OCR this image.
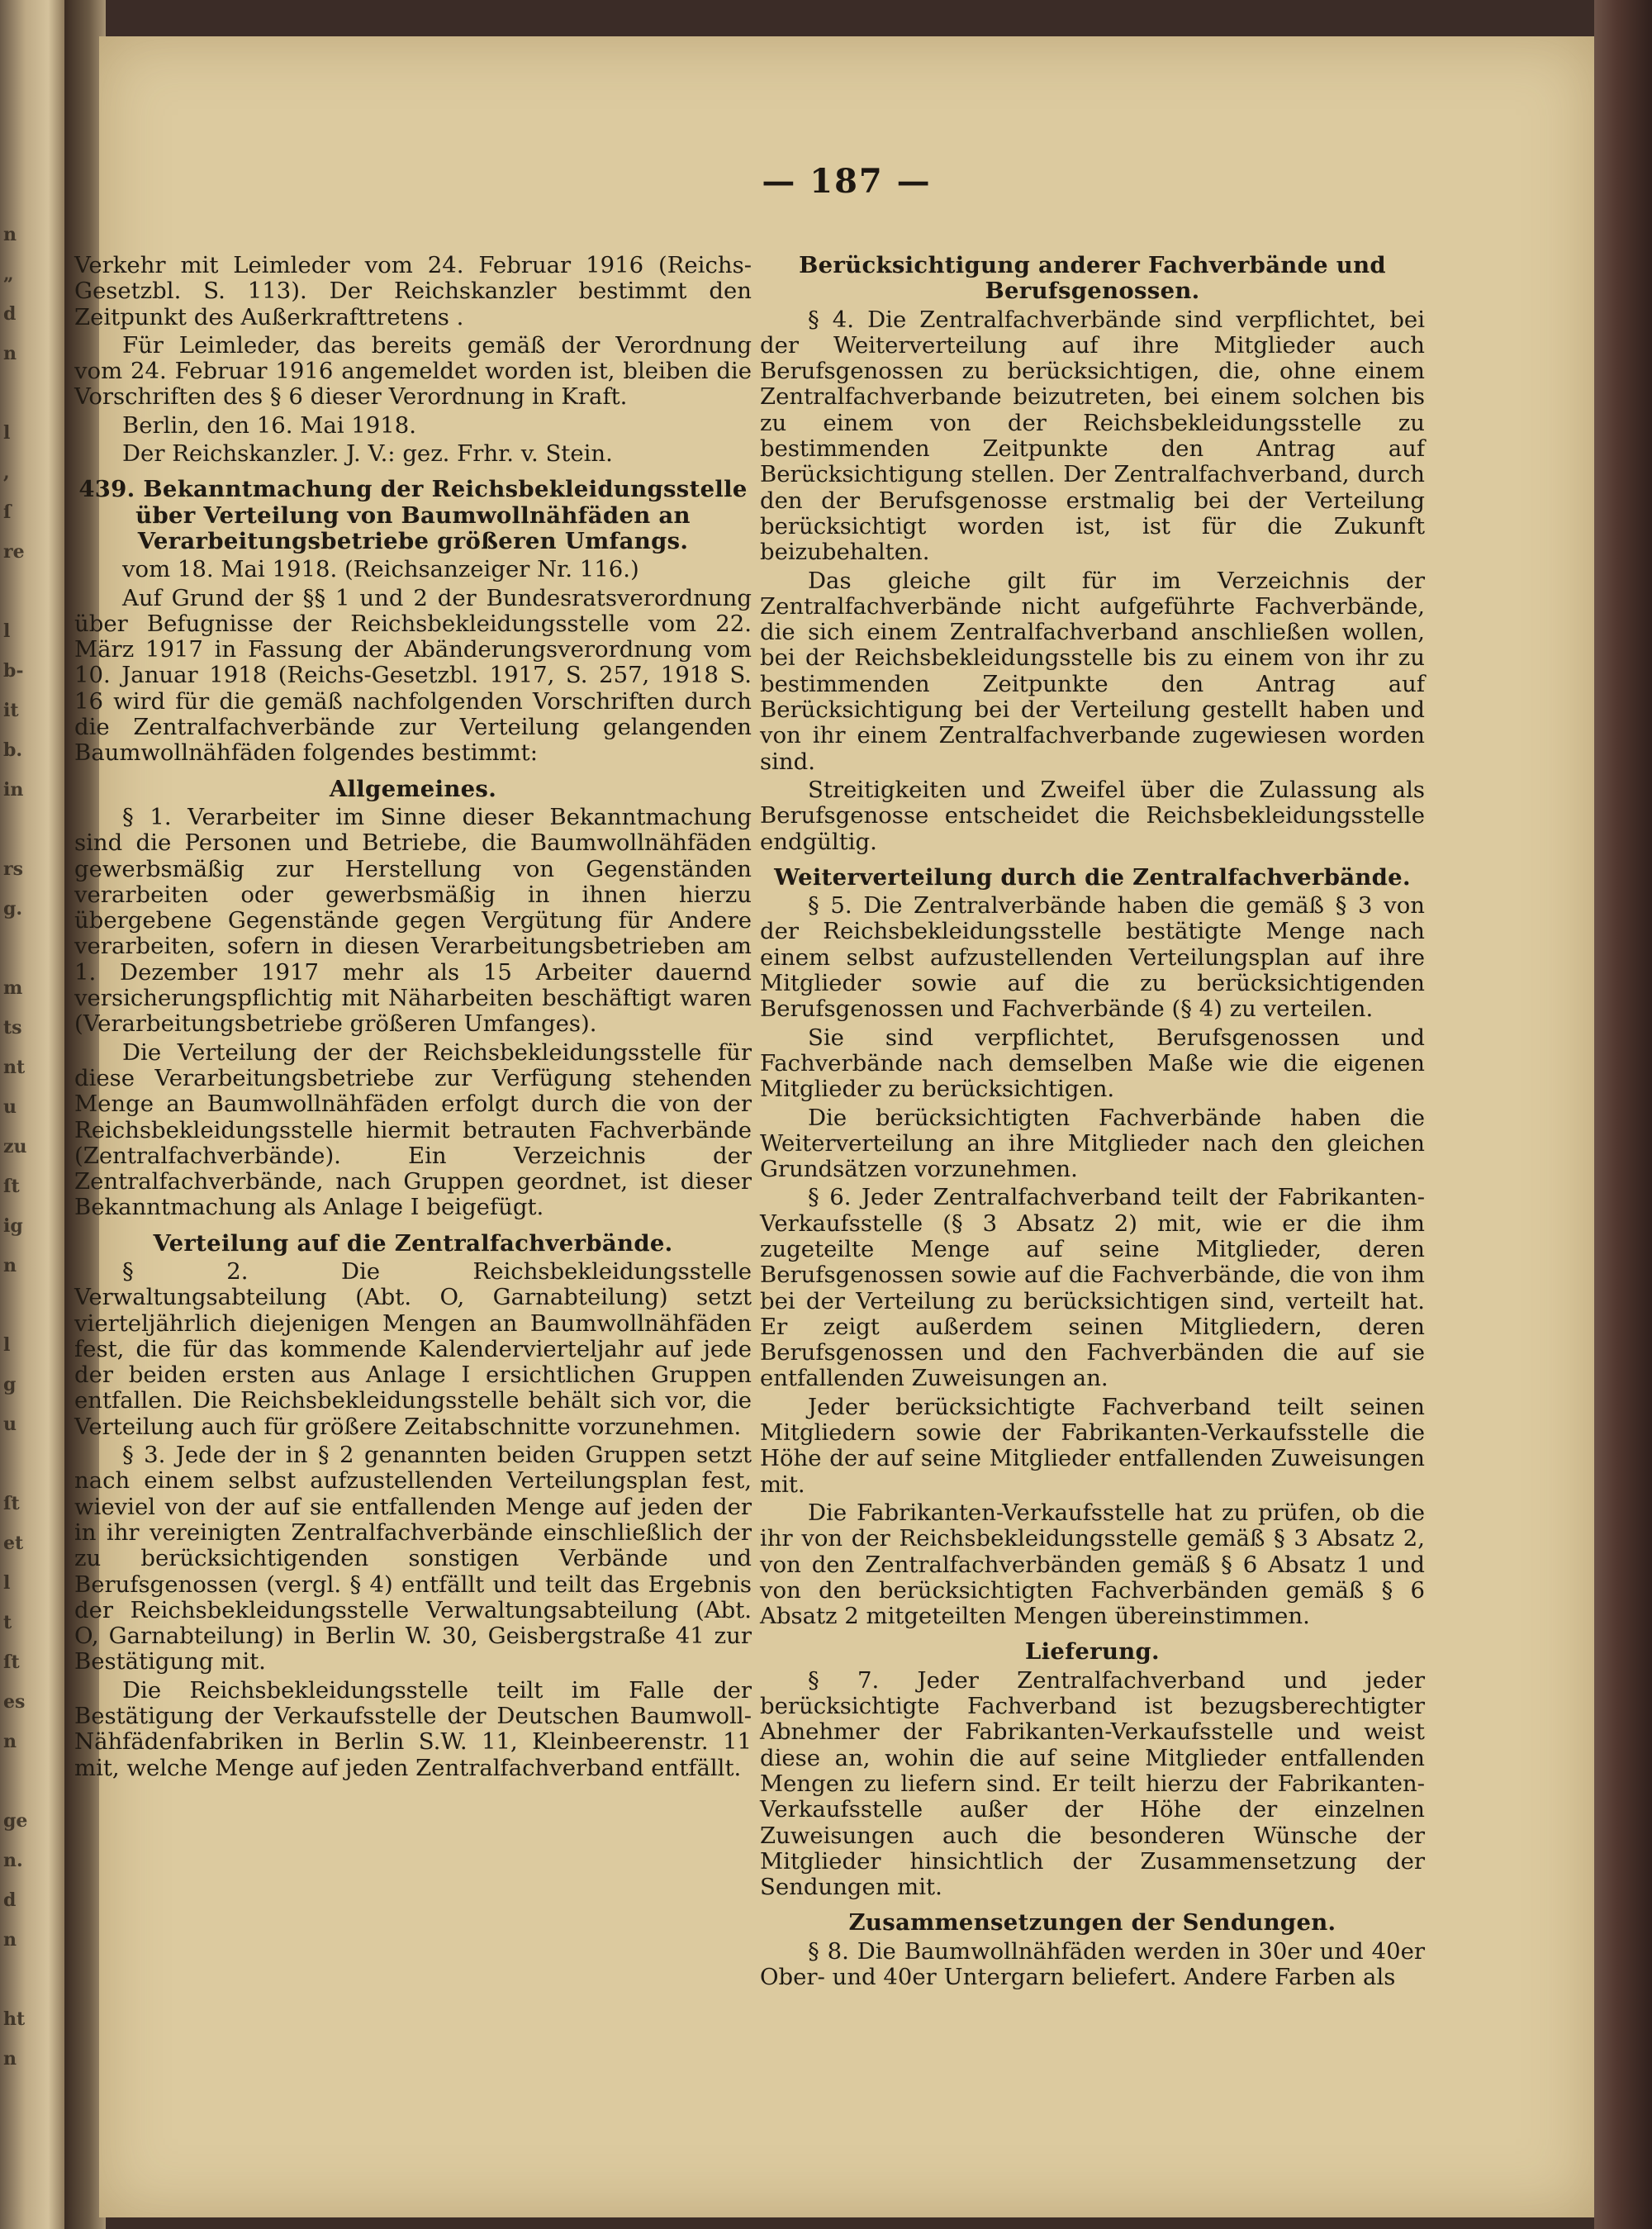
n
„
d
n

l
,
ſ
re

l
b-
it
b.
in

rs
g.

m
ts
nt
u
zu
ſt
ig
n

l
g
u

ſt
et
l
t
ſt
es
n

ge
n.
d
n

ht
n
— 187 —

Verkehr mit Leimleder vom 24. Februar 1916 (Reichs-Gesetzbl. S. 113). Der Reichskanzler bestimmt den Zeitpunkt des Außerkrafttretens .

Für Leimleder, das bereits gemäß der Verordnung vom 24. Februar 1916 angemeldet worden ist, bleiben die Vorschriften des § 6 dieser Verordnung in Kraft.

Berlin, den 16. Mai 1918.

Der Reichskanzler. J. V.: gez. Frhr. v. Stein.

439. Bekanntmachung der Reichsbekleidungsstelle über Verteilung von Baumwollnähfäden an Verarbeitungsbetriebe größeren Umfangs.

vom 18. Mai 1918. (Reichsanzeiger Nr. 116.)

Auf Grund der §§ 1 und 2 der Bundesratsverordnung über Befugnisse der Reichsbekleidungsstelle vom 22. März 1917 in Fassung der Abänderungsverordnung vom 10. Januar 1918 (Reichs-Gesetzbl. 1917, S. 257, 1918 S. 16 wird für die gemäß nachfolgenden Vorschriften durch die Zentralfachverbände zur Verteilung gelangenden Baumwollnähfäden folgendes bestimmt:

Allgemeines.

§ 1. Verarbeiter im Sinne dieser Bekanntmachung sind die Personen und Betriebe, die Baumwollnähfäden gewerbsmäßig zur Herstellung von Gegenständen verarbeiten oder gewerbsmäßig in ihnen hierzu übergebene Gegenstände gegen Vergütung für Andere verarbeiten, sofern in diesen Verarbeitungsbetrieben am 1. Dezember 1917 mehr als 15 Arbeiter dauernd versicherungspflichtig mit Näharbeiten beschäftigt waren (Verarbeitungsbetriebe größeren Umfanges).

Die Verteilung der der Reichsbekleidungsstelle für diese Verarbeitungsbetriebe zur Verfügung stehenden Menge an Baumwollnähfäden erfolgt durch die von der Reichsbekleidungsstelle hiermit betrauten Fachverbände (Zentralfachverbände). Ein Verzeichnis der Zentralfachverbände, nach Gruppen geordnet, ist dieser Bekanntmachung als Anlage I beigefügt.

Verteilung auf die Zentralfachverbände.

§ 2. Die Reichsbekleidungsstelle Verwaltungsabteilung (Abt. O, Garnabteilung) setzt vierteljährlich diejenigen Mengen an Baumwollnähfäden fest, die für das kommende Kalendervierteljahr auf jede der beiden ersten aus Anlage I ersichtlichen Gruppen entfallen. Die Reichsbekleidungsstelle behält sich vor, die Verteilung auch für größere Zeitabschnitte vorzunehmen.

§ 3. Jede der in § 2 genannten beiden Gruppen setzt nach einem selbst aufzustellenden Verteilungsplan fest, wieviel von der auf sie entfallenden Menge auf jeden der in ihr vereinigten Zentralfachverbände einschließlich der zu berücksichtigenden sonstigen Verbände und Berufsgenossen (vergl. § 4) entfällt und teilt das Ergebnis der Reichsbekleidungsstelle Verwaltungsabteilung (Abt. O, Garnabteilung) in Berlin W. 30, Geisbergstraße 41 zur Bestätigung mit.

Die Reichsbekleidungsstelle teilt im Falle der Bestätigung der Verkaufsstelle der Deutschen Baumwoll-Nähfädenfabriken in Berlin S.W. 11, Kleinbeerenstr. 11 mit, welche Menge auf jeden Zentralfachverband entfällt.

Berücksichtigung anderer Fachverbände und Berufsgenossen.

§ 4. Die Zentralfachverbände sind verpflichtet, bei der Weiterverteilung auf ihre Mitglieder auch Berufsgenossen zu berücksichtigen, die, ohne einem Zentralfachverbande beizutreten, bei einem solchen bis zu einem von der Reichsbekleidungsstelle zu bestimmenden Zeitpunkte den Antrag auf Berücksichtigung stellen. Der Zentralfachverband, durch den der Berufsgenosse erstmalig bei der Verteilung berücksichtigt worden ist, ist für die Zukunft beizubehalten.

Das gleiche gilt für im Verzeichnis der Zentralfachverbände nicht aufgeführte Fachverbände, die sich einem Zentralfachverband anschließen wollen, bei der Reichsbekleidungsstelle bis zu einem von ihr zu bestimmenden Zeitpunkte den Antrag auf Berücksichtigung bei der Verteilung gestellt haben und von ihr einem Zentralfachverbande zugewiesen worden sind.

Streitigkeiten und Zweifel über die Zulassung als Berufsgenosse entscheidet die Reichsbekleidungsstelle endgültig.

Weiterverteilung durch die Zentralfachverbände.

§ 5. Die Zentralverbände haben die gemäß § 3 von der Reichsbekleidungsstelle bestätigte Menge nach einem selbst aufzustellenden Verteilungsplan auf ihre Mitglieder sowie auf die zu berücksichtigenden Berufsgenossen und Fachverbände (§ 4) zu verteilen.

Sie sind verpflichtet, Berufsgenossen und Fachverbände nach demselben Maße wie die eigenen Mitglieder zu berücksichtigen.

Die berücksichtigten Fachverbände haben die Weiterverteilung an ihre Mitglieder nach den gleichen Grundsätzen vorzunehmen.

§ 6. Jeder Zentralfachverband teilt der Fabrikanten-Verkaufsstelle (§ 3 Absatz 2) mit, wie er die ihm zugeteilte Menge auf seine Mitglieder, deren Berufsgenossen sowie auf die Fachverbände, die von ihm bei der Verteilung zu berücksichtigen sind, verteilt hat. Er zeigt außerdem seinen Mitgliedern, deren Berufsgenossen und den Fachverbänden die auf sie entfallenden Zuweisungen an.

Jeder berücksichtigte Fachverband teilt seinen Mitgliedern sowie der Fabrikanten-Verkaufsstelle die Höhe der auf seine Mitglieder entfallenden Zuweisungen mit.

Die Fabrikanten-Verkaufsstelle hat zu prüfen, ob die ihr von der Reichsbekleidungsstelle gemäß § 3 Absatz 2, von den Zentralfachverbänden gemäß § 6 Absatz 1 und von den berücksichtigten Fachverbänden gemäß § 6 Absatz 2 mitgeteilten Mengen übereinstimmen.

Lieferung.

§ 7. Jeder Zentralfachverband und jeder berücksichtigte Fachverband ist bezugsberechtigter Abnehmer der Fabrikanten-Verkaufsstelle und weist diese an, wohin die auf seine Mitglieder entfallenden Mengen zu liefern sind. Er teilt hierzu der Fabrikanten-Verkaufsstelle außer der Höhe der einzelnen Zuweisungen auch die besonderen Wünsche der Mitglieder hinsichtlich der Zusammensetzung der Sendungen mit.

Zusammensetzungen der Sendungen.

§ 8. Die Baumwollnähfäden werden in 30er und 40er Ober- und 40er Untergarn beliefert. Andere Farben als
